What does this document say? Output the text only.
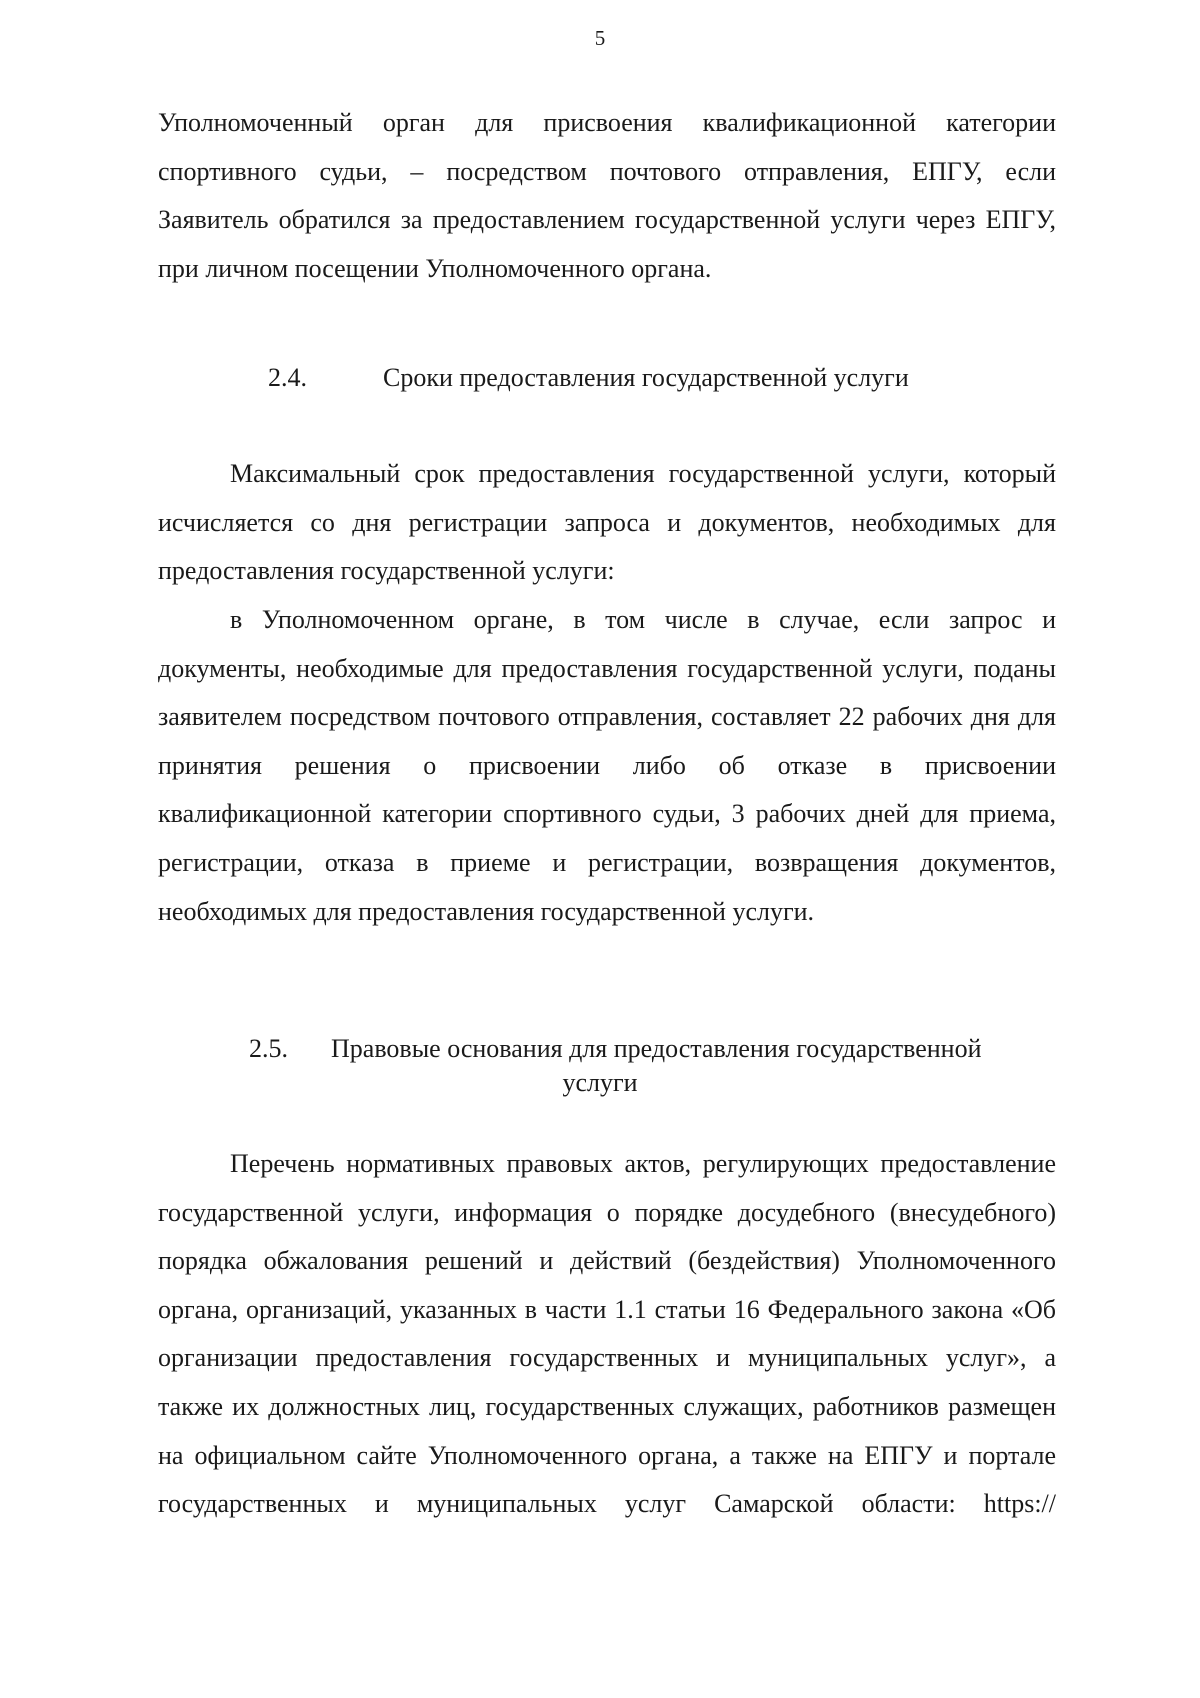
5

Уполномоченный орган для присвоения квалификационной категории спортивного судьи, – посредством почтового отправления, ЕПГУ, если Заявитель обратился за предоставлением государственной услуги через ЕПГУ, при личном посещении Уполномоченного органа.

2.4.	Сроки предоставления государственной услуги

Максимальный срок предоставления государственной услуги, который исчисляется со дня регистрации запроса и документов, необходимых для предоставления государственной услуги:

в Уполномоченном органе, в том числе в случае, если запрос и документы, необходимые для предоставления государственной услуги, поданы заявителем посредством почтового отправления, составляет 22 рабочих дня для принятия решения о присвоении либо об отказе в присвоении квалификационной категории спортивного судьи, 3 рабочих дней для приема, регистрации, отказа в приеме и регистрации, возвращения документов, необходимых для предоставления государственной услуги.

2.5. Правовые основания для предоставления государственной
услуги

Перечень нормативных правовых актов, регулирующих предоставление государственной услуги, информация о порядке досудебного (внесудебного) порядка обжалования решений и действий (бездействия) Уполномоченного органа, организаций, указанных в части 1.1 статьи 16 Федерального закона «Об организации предоставления государственных и муниципальных услуг», а также их должностных лиц, государственных служащих, работников размещен на официальном сайте Уполномоченного органа, а также на ЕПГУ и портале государственных и муниципальных услуг Самарской области: https://
